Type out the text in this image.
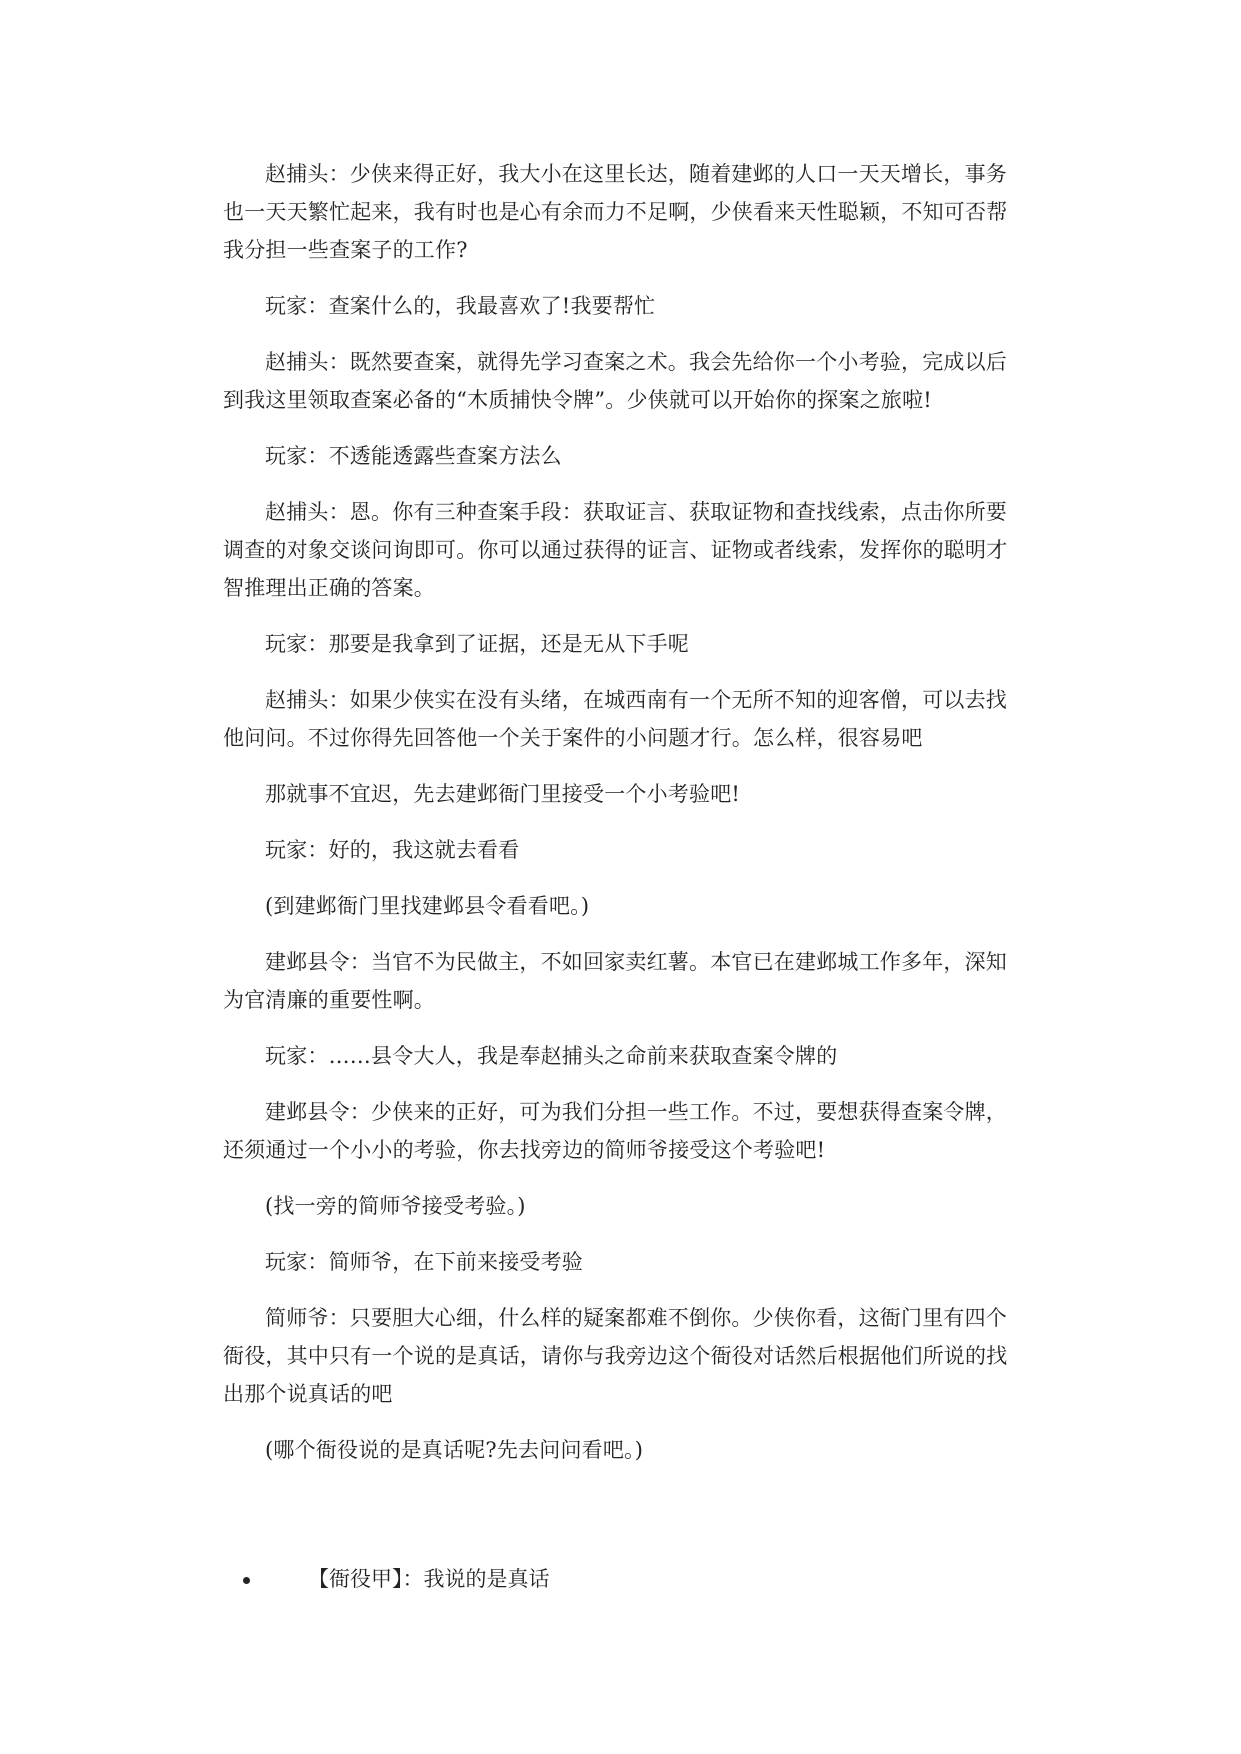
赵捕头：少侠来得正好，我大小在这里长达，随着建邺的人口一天天增长，事务也一天天繁忙起来，我有时也是心有余而力不足啊，少侠看来天性聪颖，不知可否帮我分担一些查案子的工作?

玩家：查案什么的，我最喜欢了!我要帮忙

赵捕头：既然要查案，就得先学习查案之术。我会先给你一个小考验，完成以后到我这里领取查案必备的“木质捕快令牌”。少侠就可以开始你的探案之旅啦!

玩家：不透能透露些查案方法么

赵捕头：恩。你有三种查案手段：获取证言、获取证物和查找线索，点击你所要调查的对象交谈问询即可。你可以通过获得的证言、证物或者线索，发挥你的聪明才智推理出正确的答案。

玩家：那要是我拿到了证据，还是无从下手呢

赵捕头：如果少侠实在没有头绪，在城西南有一个无所不知的迎客僧，可以去找他问问。不过你得先回答他一个关于案件的小问题才行。怎么样，很容易吧

那就事不宜迟，先去建邺衙门里接受一个小考验吧!

玩家：好的，我这就去看看

(到建邺衙门里找建邺县令看看吧。)

建邺县令：当官不为民做主，不如回家卖红薯。本官已在建邺城工作多年，深知为官清廉的重要性啊。

玩家：……县令大人，我是奉赵捕头之命前来获取查案令牌的

建邺县令：少侠来的正好，可为我们分担一些工作。不过，要想获得查案令牌，还须通过一个小小的考验，你去找旁边的简师爷接受这个考验吧!

(找一旁的简师爷接受考验。)

玩家：简师爷，在下前来接受考验

简师爷：只要胆大心细，什么样的疑案都难不倒你。少侠你看，这衙门里有四个衙役，其中只有一个说的是真话，请你与我旁边这个衙役对话然后根据他们所说的找出那个说真话的吧

(哪个衙役说的是真话呢?先去问问看吧。)

【衙役甲】：我说的是真话
